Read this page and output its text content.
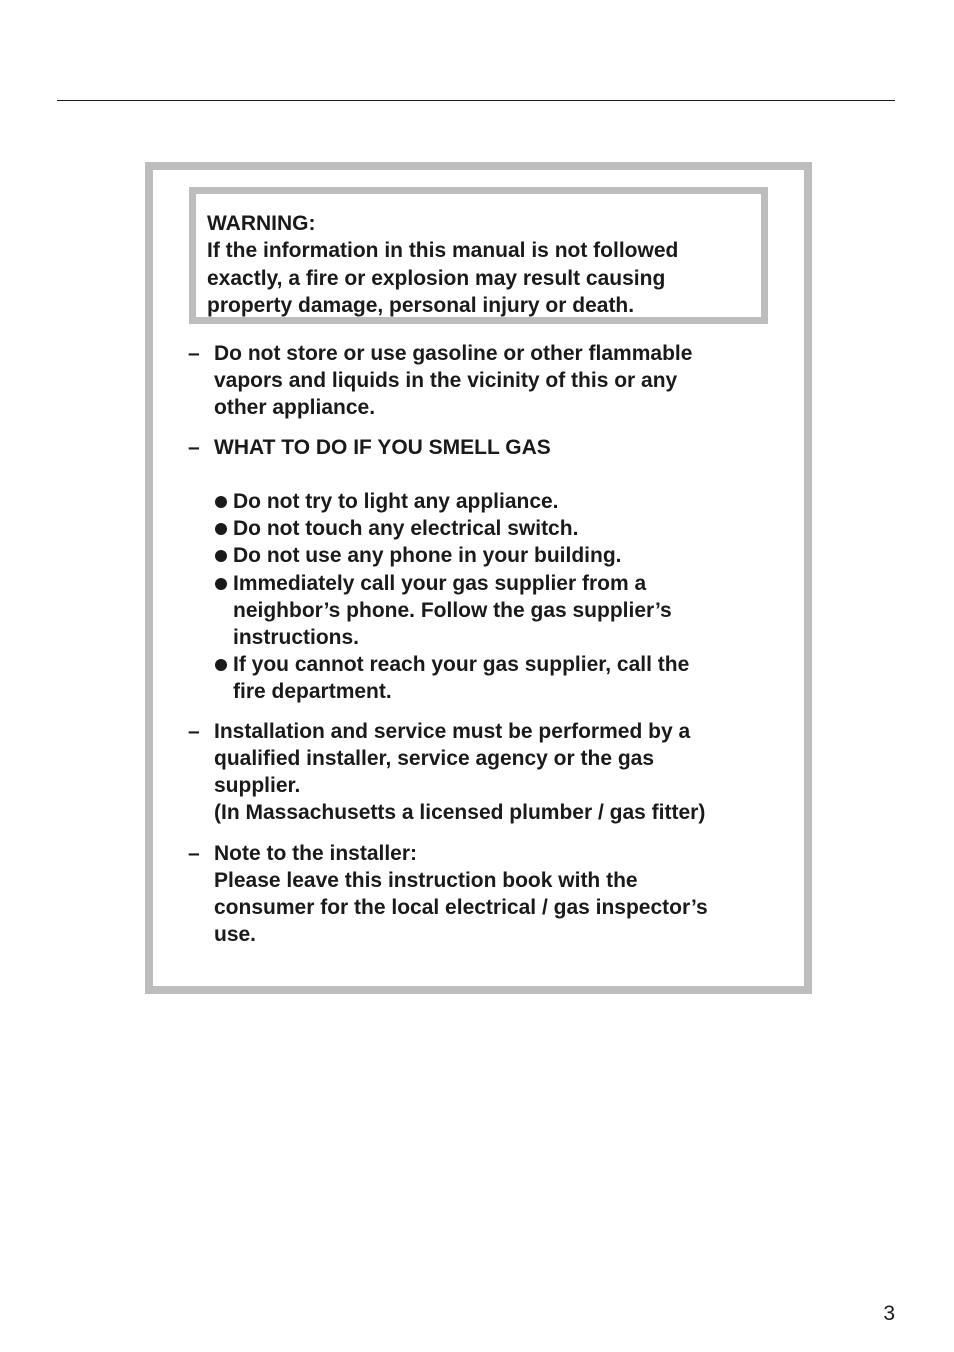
WARNING:

If the information in this manual is not followed

exactly, a fire or explosion may result causing

property damage, personal injury or death.

– Do not store or use gasoline or other flammable

vapors and liquids in the vicinity of this or any

other appliance.

– WHAT TO DO IF YOU SMELL GAS

Do not try to light any appliance.

Do not touch any electrical switch.

Do not use any phone in your building.

Immediately call your gas supplier from a

neighbor’s phone. Follow the gas supplier’s

instructions.

If you cannot reach your gas supplier, call the

fire department.

– Installation and service must be performed by a

qualified installer, service agency or the gas

supplier.

(In Massachusetts a licensed plumber / gas fitter)

– Note to the installer:

Please leave this instruction book with the

consumer for the local electrical / gas inspector’s

use.

3
